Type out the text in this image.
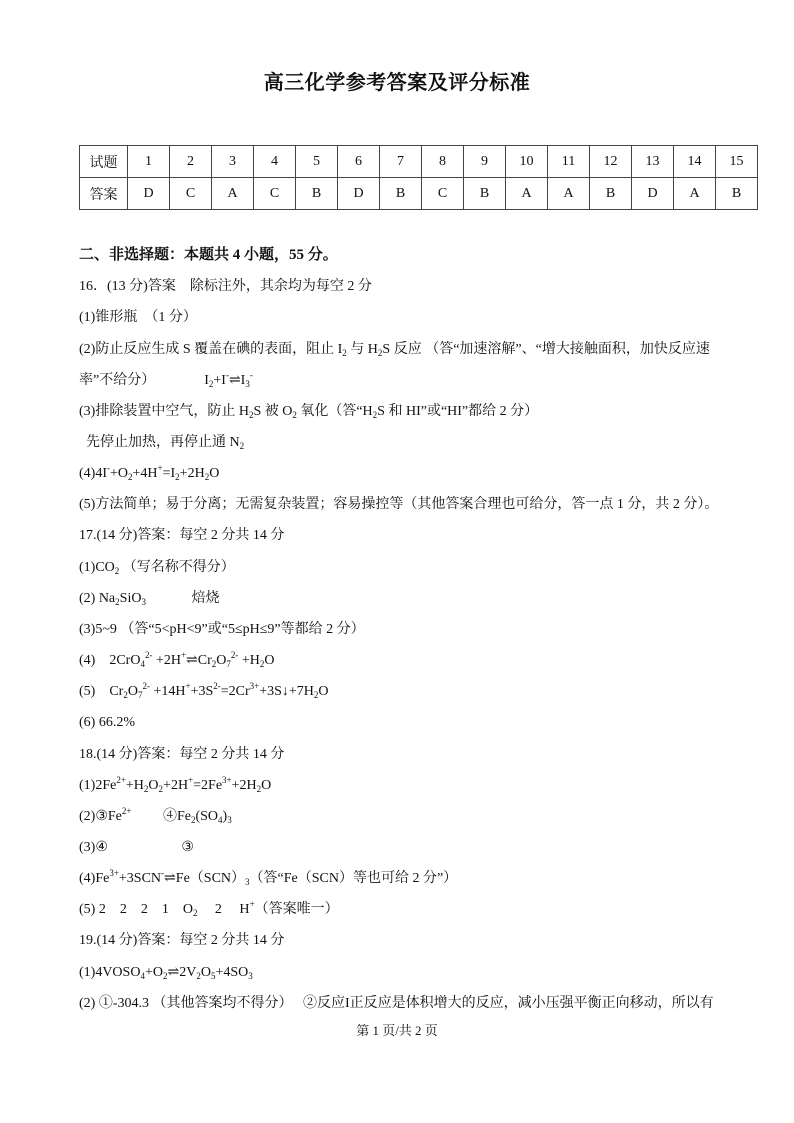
高三化学参考答案及评分标准
试题	1	2	3	4	5	6	7	8	9	10	11	12	13	14	15
答案	D	C	A	C	B	D	B	C	B	A	A	B	D	A	B
二、非选择题：本题共 4 小题，55 分。
16．(13 分)答案　除标注外，其余均为每空 2 分
(1)锥形瓶　（1 分）
(2)防止反应生成 S 覆盖在碘的表面，阻止 $I_2$ 与 $H_2S$ 反应 （答“加速溶解”、“增大接触面积，加快反应速
率”不给分）　　　　$I_2+I^-\rightleftharpoons I_3^-$
(3)排除装置中空气，防止 $H_2S$ 被 $O_2$ 氧化（答“$H_2S$ 和 HI”或“HI”都给 2 分）
先停止加热，再停止通 $N_2$
$(4)4I^-+O_2+4H^+=I_2+2H_2O$
(5)方法简单；易于分离；无需复杂装置；容易操控等（其他答案合理也可给分，答一点 1 分，共 2 分）。
17.(14 分)答案：每空 2 分共 14 分
$(1)CO_2$ （写名称不得分）
(2) $Na_2SiO_3$　　　 焙烧
(3)5~9 （答“5<pH<9”或“5≤pH≤9”等都给 2 分）
(4)　$2CrO_4^{2-} +2H^+\rightleftharpoons Cr_2O_7^{2-} +H_2O$
(5)　$Cr_2O_7^{2-}$ $+14H^++3S^{2-}=2Cr^{3+}+3S↓+7H_2O$
(6) 66.2%
18.(14 分)答案：每空 2 分共 14 分
$(1)2Fe^{2+}+H_2O_2+2H^+=2Fe^{3+}+2H_2O$
$(2)③Fe^{2+}$　　 $④Fe_2(SO_4)_3$
(3)④　　　　　 ③
$(4)Fe^{3+}+3SCN^-\rightleftharpoons Fe(SCN)_3$（答“Fe（SCN）等也可给 2 分”）
(5) 2　2　2　1　$O_2$　 2　 H+（答案唯一）
19.(14 分)答案：每空 2 分共 14 分
$(1)4VOSO_4+O_2\rightleftharpoons 2V_2O_5+4SO_3$
(2) ①-304.3 （其他答案均不得分）　 ②反应I正反应是体积增大的反应，减小压强平衡正向移动，所以有
第 1 页/共 2 页
